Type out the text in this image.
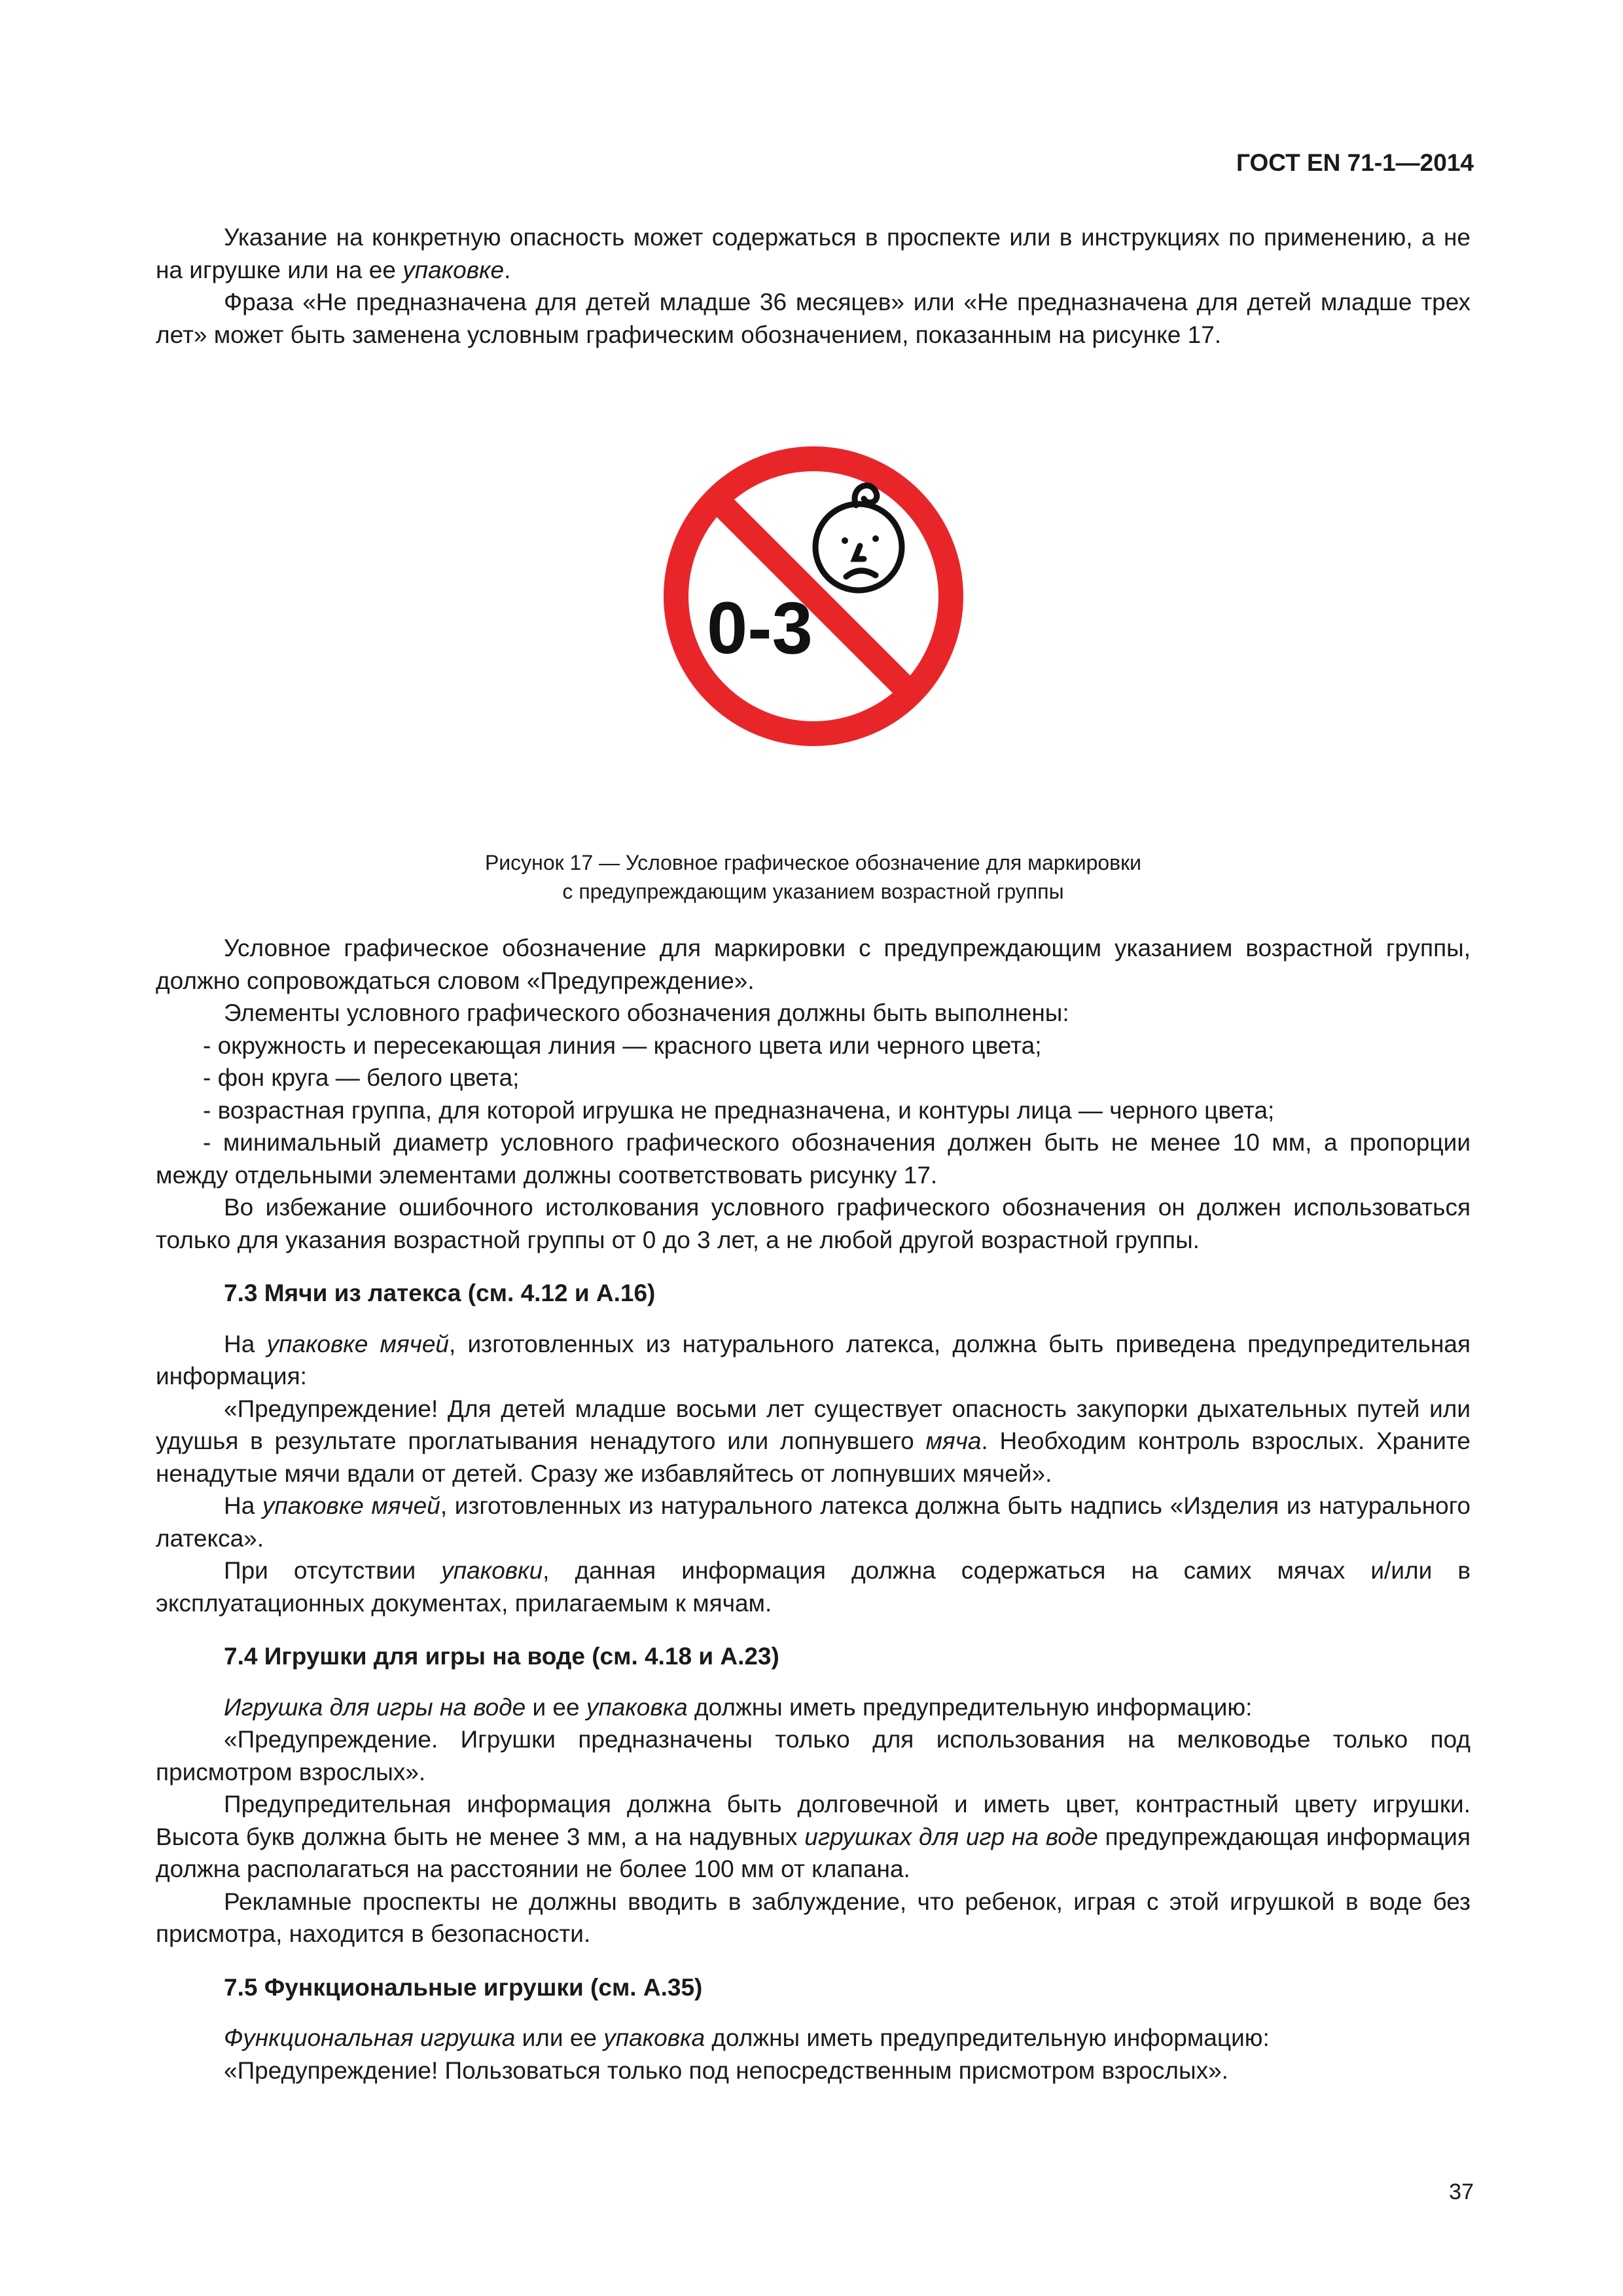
ГОСТ EN 71-1—2014

Указание на конкретную опасность может содержаться в проспекте или в инструкциях по применению, а не на игрушке или на ее упаковке.

Фраза «Не предназначена для детей младше 36 месяцев» или «Не предназначена для детей младше трех лет» может быть заменена условным графическим обозначением, показанным на рисунке 17.

0-3
Рисунок 17 — Условное графическое обозначение для маркировки
с предупреждающим указанием возрастной группы

Условное графическое обозначение для маркировки с предупреждающим указанием возрастной группы, должно сопровождаться словом «Предупреждение».

Элементы условного графического обозначения должны быть выполнены:

- окружность и пересекающая линия — красного цвета или черного цвета;

- фон круга — белого цвета;

- возрастная группа, для которой игрушка не предназначена, и контуры лица — черного цвета;

- минимальный диаметр условного графического обозначения должен быть не менее 10 мм, а пропорции между отдельными элементами должны соответствовать рисунку 17.

Во избежание ошибочного истолкования условного графического обозначения он должен использоваться только для указания возрастной группы от 0 до 3 лет, а не любой другой возрастной группы.

7.3 Мячи из латекса (см. 4.12 и А.16)

На упаковке мячей, изготовленных из натурального латекса, должна быть приведена предупредительная информация:

«Предупреждение! Для детей младше восьми лет существует опасность закупорки дыхательных путей или удушья в результате проглатывания ненадутого или лопнувшего мяча. Необходим контроль взрослых. Храните ненадутые мячи вдали от детей. Сразу же избавляйтесь от лопнувших мячей».

На упаковке мячей, изготовленных из натурального латекса должна быть надпись «Изделия из натурального латекса».

При отсутствии упаковки, данная информация должна содержаться на самих мячах и/или в эксплуатационных документах, прилагаемым к мячам.

7.4 Игрушки для игры на воде (см. 4.18 и А.23)

Игрушка для игры на воде и ее упаковка должны иметь предупредительную информацию:

«Предупреждение. Игрушки предназначены только для использования на мелководье только под присмотром взрослых».

Предупредительная информация должна быть долговечной и иметь цвет, контрастный цвету игрушки. Высота букв должна быть не менее 3 мм, а на надувных игрушках для игр на воде предупреждающая информация должна располагаться на расстоянии не более 100 мм от клапана.

Рекламные проспекты не должны вводить в заблуждение, что ребенок, играя с этой игрушкой в воде без присмотра, находится в безопасности.

7.5 Функциональные игрушки (см. А.35)

Функциональная игрушка или ее упаковка должны иметь предупредительную информацию:

«Предупреждение! Пользоваться только под непосредственным присмотром взрослых».

37
